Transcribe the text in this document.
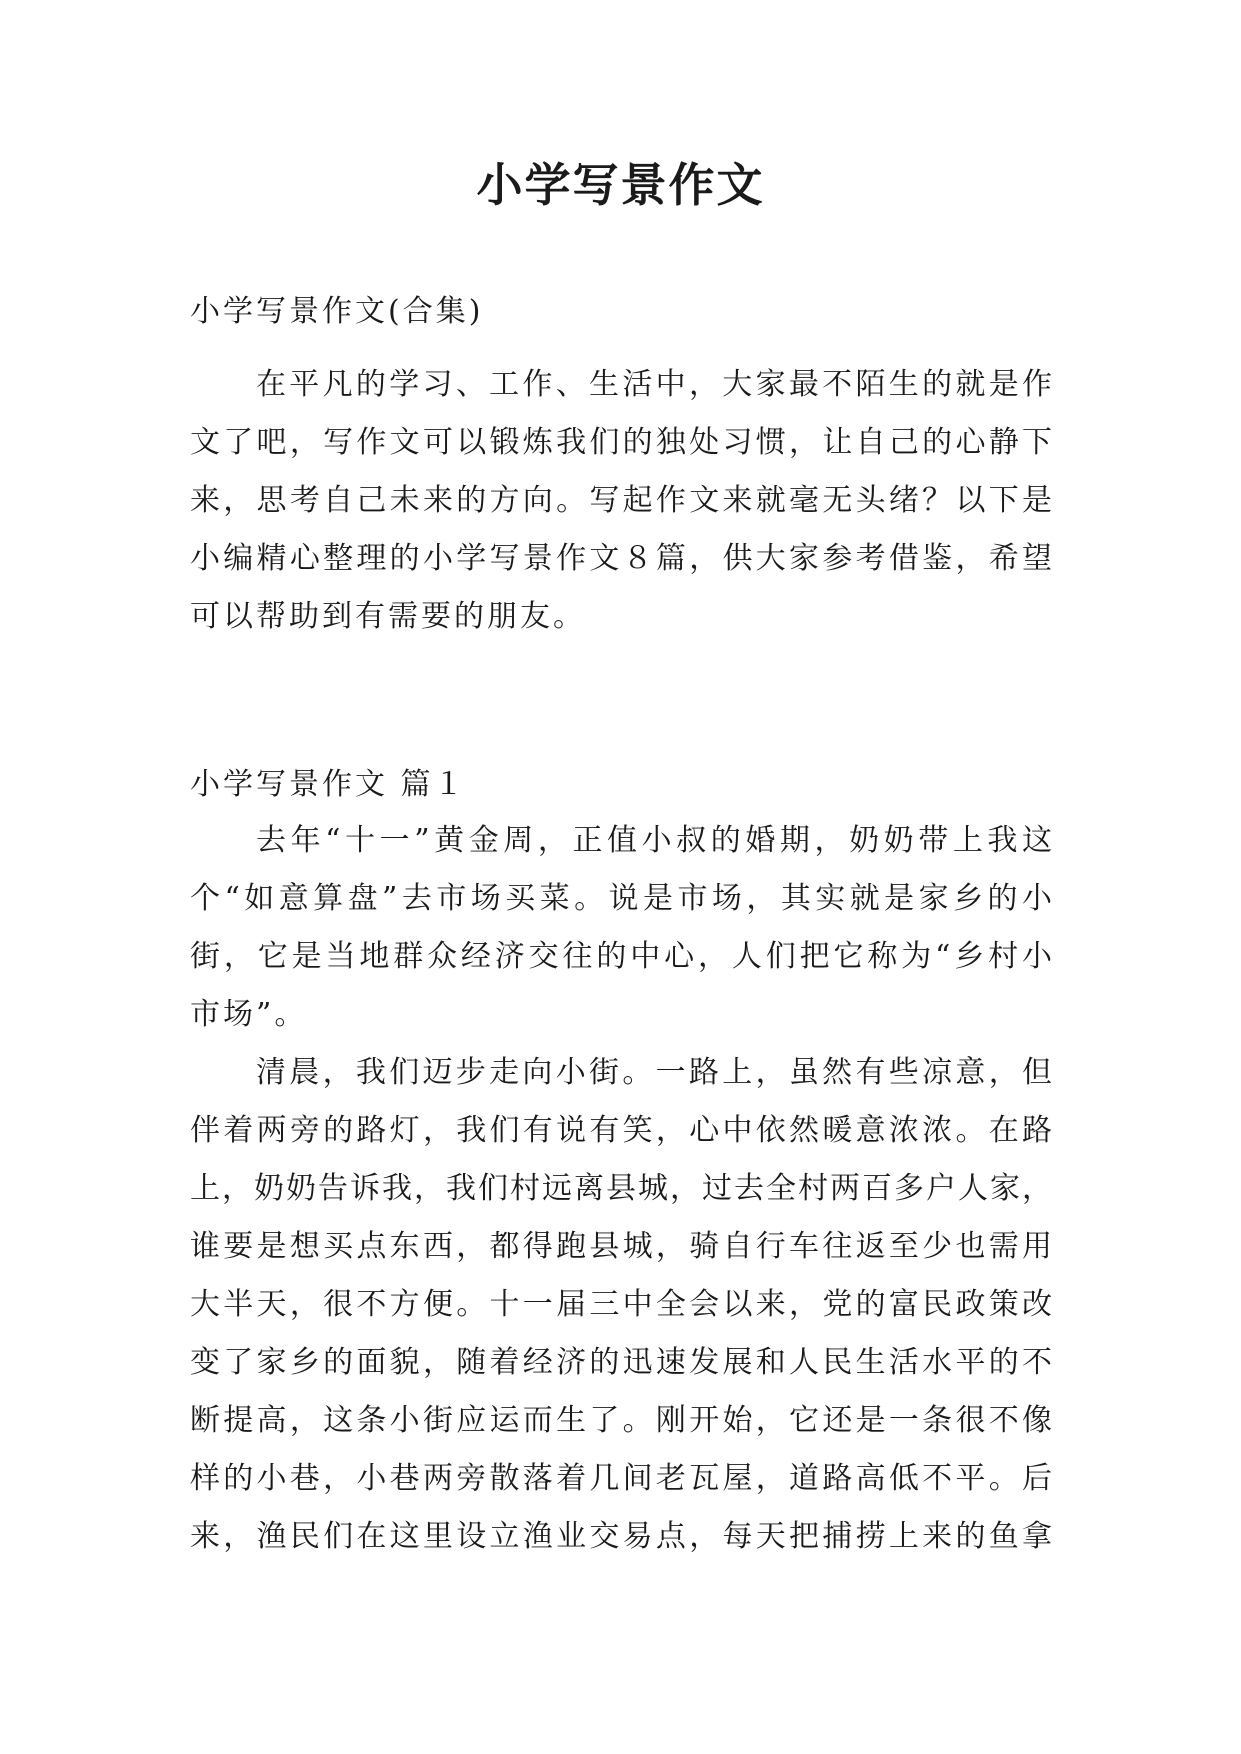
小学写景作文

小学写景作文(合集)

在平凡的学习、工作、生活中，大家最不陌生的就是作
文了吧，写作文可以锻炼我们的独处习惯，让自己的心静下
来，思考自己未来的方向。写起作文来就毫无头绪？以下是
小编精心整理的小学写景作文８篇，供大家参考借鉴，希望
可以帮助到有需要的朋友。

小学写景作文 篇１

去年“十一”黄金周，正值小叔的婚期，奶奶带上我这
个“如意算盘”去市场买菜。说是市场，其实就是家乡的小
街，它是当地群众经济交往的中心，人们把它称为“乡村小
市场”。
清晨，我们迈步走向小街。一路上，虽然有些凉意，但
伴着两旁的路灯，我们有说有笑，心中依然暖意浓浓。在路
上，奶奶告诉我，我们村远离县城，过去全村两百多户人家，
谁要是想买点东西，都得跑县城，骑自行车往返至少也需用
大半天，很不方便。十一届三中全会以来，党的富民政策改
变了家乡的面貌，随着经济的迅速发展和人民生活水平的不
断提高，这条小街应运而生了。刚开始，它还是一条很不像
样的小巷，小巷两旁散落着几间老瓦屋，道路高低不平。后
来，渔民们在这里设立渔业交易点，每天把捕捞上来的鱼拿
